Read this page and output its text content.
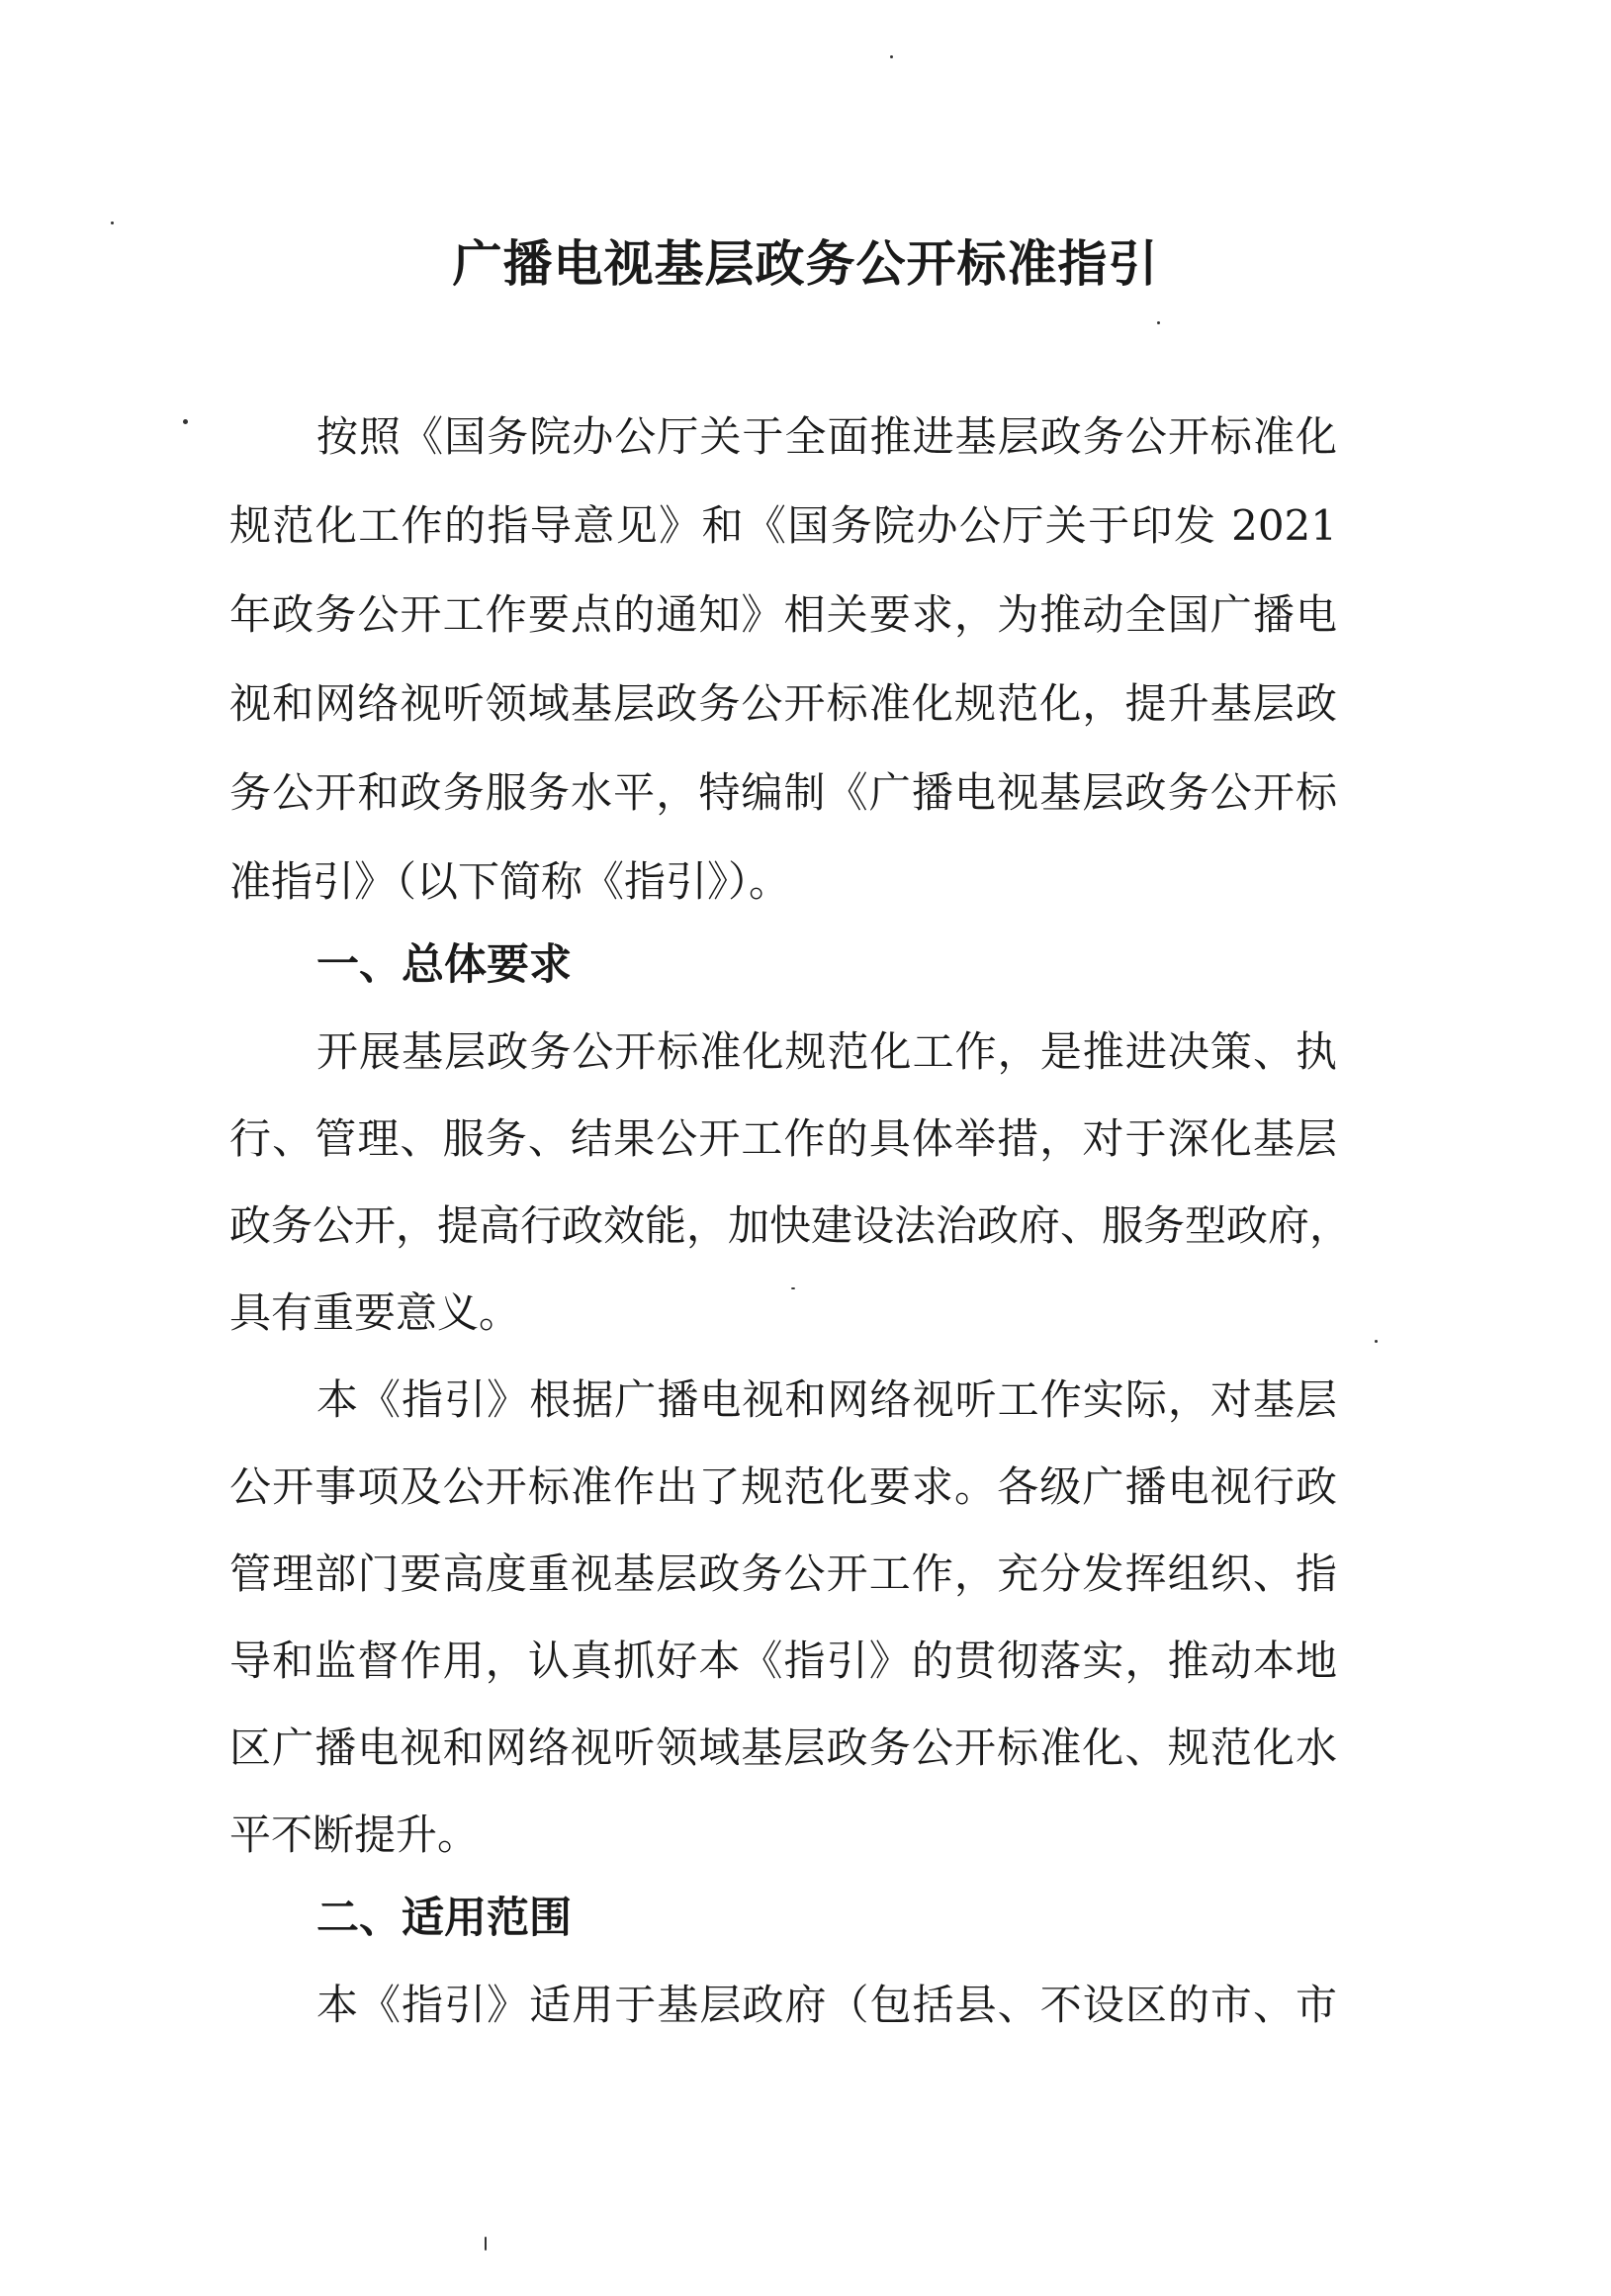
广播电视基层政务公开标准指引
按照《国务院办公厅关于全面推进基层政务公开标准化
规范化工作的指导意见》和《国务院办公厅关于印发 2021
年政务公开工作要点的通知》相关要求，为推动全国广播电
视和网络视听领域基层政务公开标准化规范化，提升基层政
务公开和政务服务水平，特编制《广播电视基层政务公开标
准指引》（以下简称《指引》）。
一、总体要求
开展基层政务公开标准化规范化工作，是推进决策、执
行、管理、服务、结果公开工作的具体举措，对于深化基层
政务公开，提高行政效能，加快建设法治政府、服务型政府，
具有重要意义。
本《指引》根据广播电视和网络视听工作实际，对基层
公开事项及公开标准作出了规范化要求。各级广播电视行政
管理部门要高度重视基层政务公开工作，充分发挥组织、指
导和监督作用，认真抓好本《指引》的贯彻落实，推动本地
区广播电视和网络视听领域基层政务公开标准化、规范化水
平不断提升。
二、适用范围
本《指引》适用于基层政府（包括县、不设区的市、市
